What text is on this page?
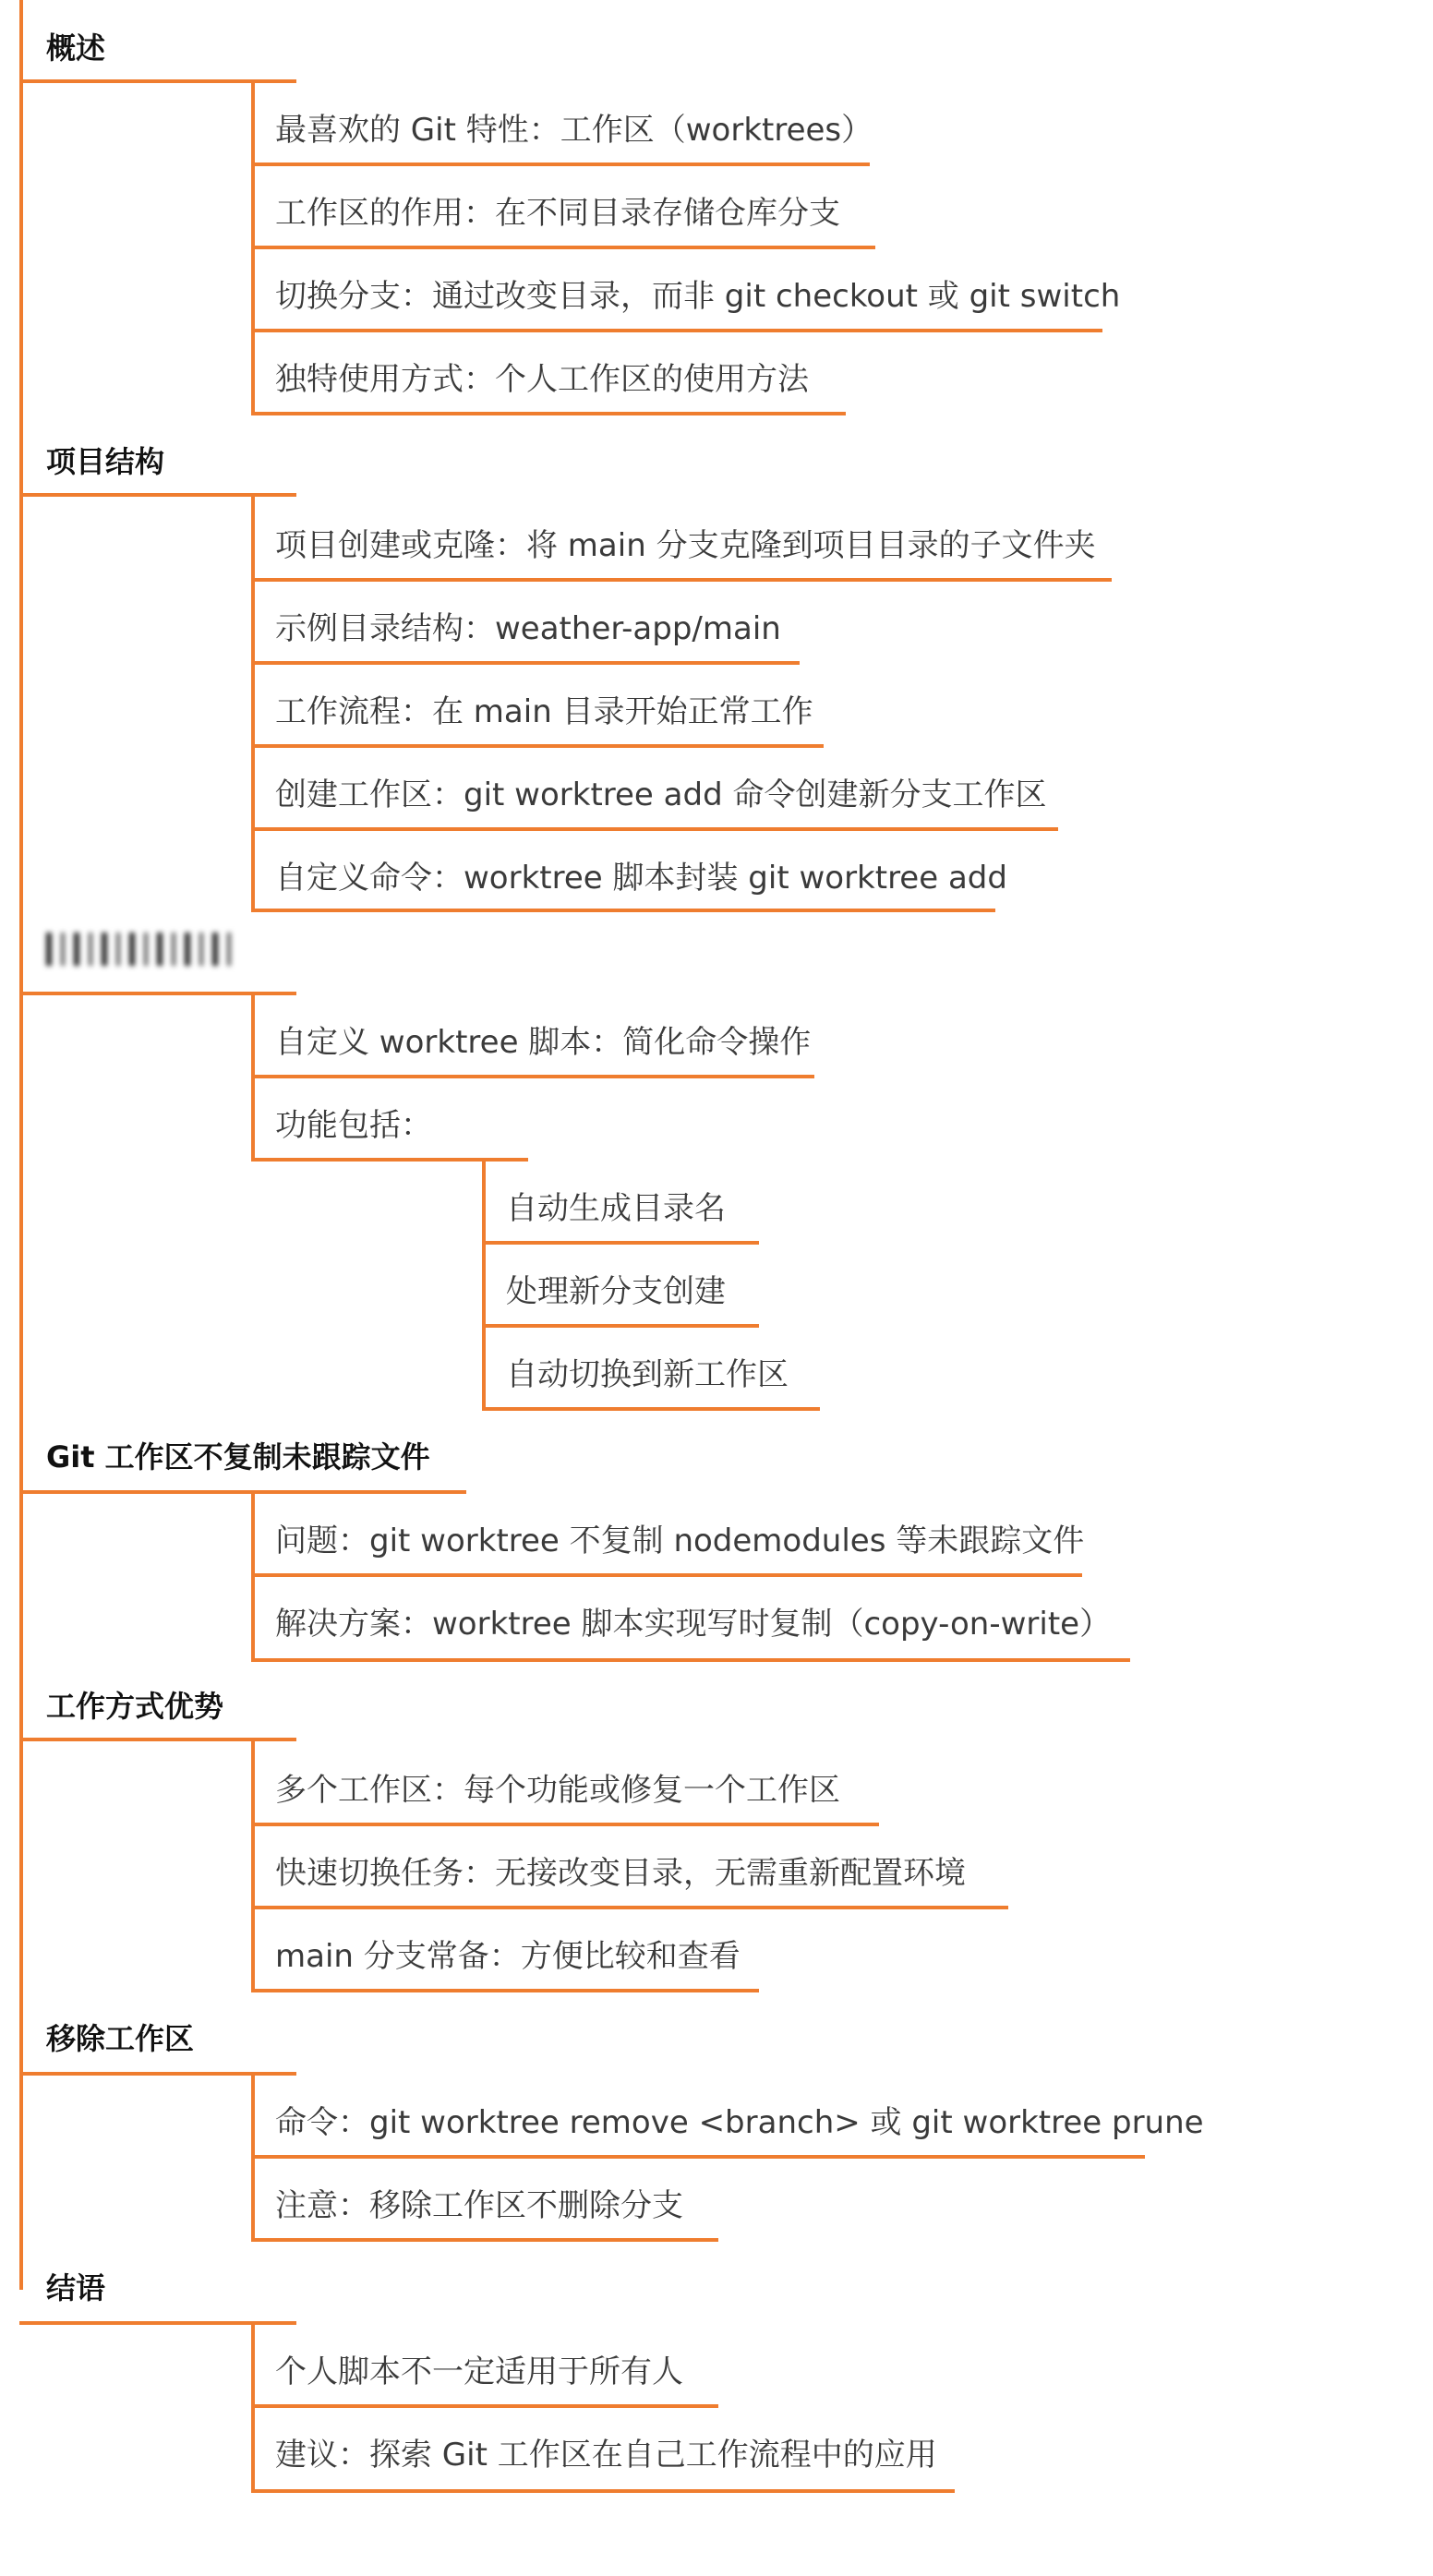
概述
最喜欢的 Git 特性：工作区（worktrees）
工作区的作用：在不同目录存储仓库分支
切换分支：通过改变目录，而非 git checkout 或 git switch
独特使用方式：个人工作区的使用方法
项目结构
项目创建或克隆：将 main 分支克隆到项目目录的子文件夹
示例目录结构：weather-app/main
工作流程：在 main 目录开始正常工作
创建工作区：git worktree add 命令创建新分支工作区
自定义命令：worktree 脚本封装 git worktree add
自定义 worktree 脚本：简化命令操作
功能包括：
自动生成目录名
处理新分支创建
自动切换到新工作区
Git 工作区不复制未跟踪文件
问题：git worktree 不复制 nodemodules 等未跟踪文件
解决方案：worktree 脚本实现写时复制（copy-on-write）
工作方式优势
多个工作区：每个功能或修复一个工作区
快速切换任务：无接改变目录，无需重新配置环境
main 分支常备：方便比较和查看
移除工作区
命令：git worktree remove <branch> 或 git worktree prune
注意：移除工作区不删除分支
结语
个人脚本不一定适用于所有人
建议：探索 Git 工作区在自己工作流程中的应用
